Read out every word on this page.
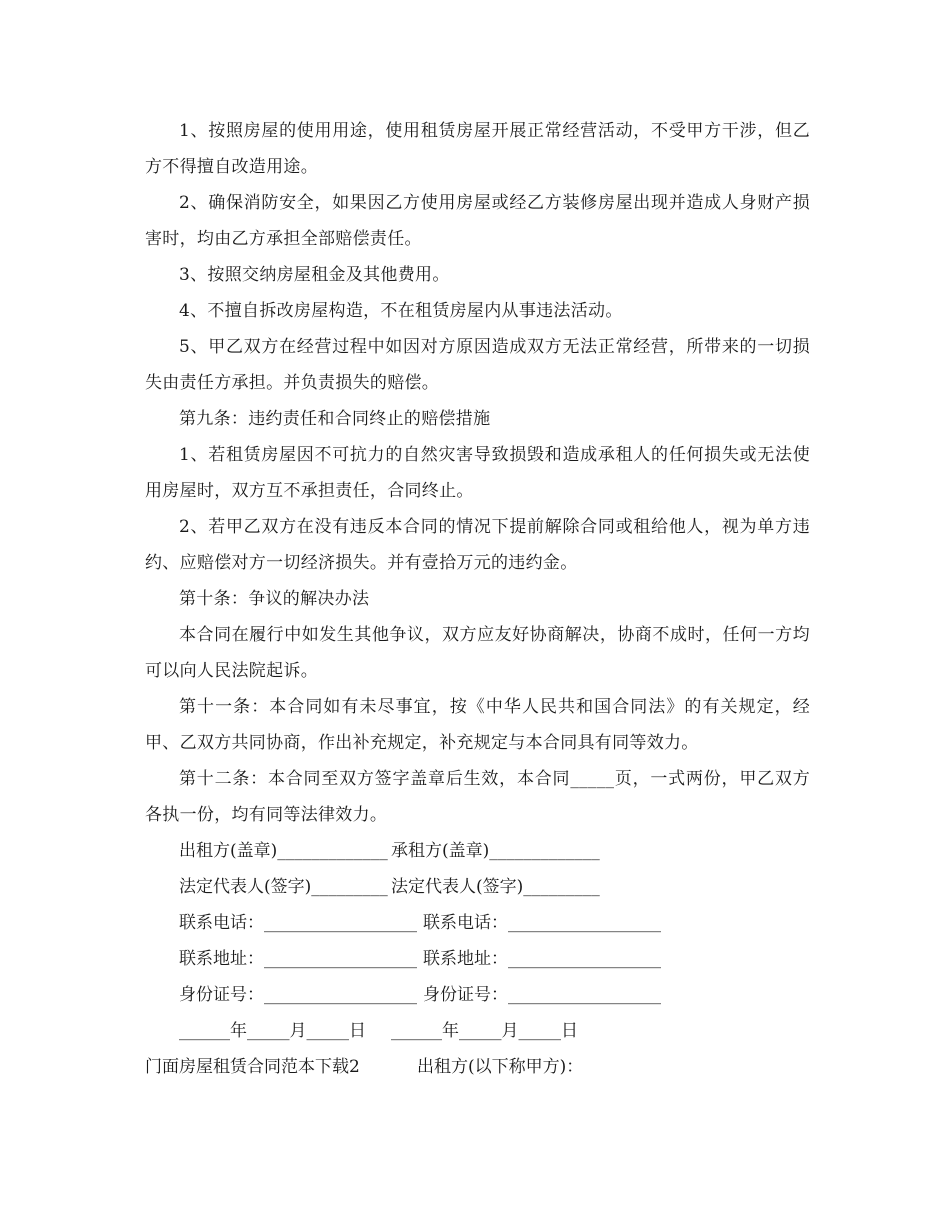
1、按照房屋的使用用途，使用租赁房屋开展正常经营活动，不受甲方干涉，但乙方不得擅自改造用途。

2、确保消防安全，如果因乙方使用房屋或经乙方装修房屋出现并造成人身财产损害时，均由乙方承担全部赔偿责任。

3、按照交纳房屋租金及其他费用。

4、不擅自拆改房屋构造，不在租赁房屋内从事违法活动。

5、甲乙双方在经营过程中如因对方原因造成双方无法正常经营，所带来的一切损失由责任方承担。并负责损失的赔偿。

第九条：违约责任和合同终止的赔偿措施

1、若租赁房屋因不可抗力的自然灾害导致损毁和造成承租人的任何损失或无法使用房屋时，双方互不承担责任，合同终止。

2、若甲乙双方在没有违反本合同的情况下提前解除合同或租给他人，视为单方违约、应赔偿对方一切经济损失。并有壹拾万元的违约金。

第十条：争议的解决办法

本合同在履行中如发生其他争议，双方应友好协商解决，协商不成时，任何一方均可以向人民法院起诉。

第十一条：本合同如有未尽事宜，按《中华人民共和国合同法》的有关规定，经甲、乙双方共同协商，作出补充规定，补充规定与本合同具有同等效力。

第十二条：本合同至双方签字盖章后生效，本合同_____页，一式两份，甲乙双方各执一份，均有同等法律效力。

出租方(盖章)_____________ 承租方(盖章)_____________
法定代表人(签字)_________ 法定代表人(签字)_________
联系电话：__________________ 联系电话：__________________
联系地址：__________________ 联系地址：__________________
身份证号：__________________ 身份证号：__________________
______年_____月_____日	______年_____月_____日
门面房屋租赁合同范本下载2	出租方(以下称甲方)：
